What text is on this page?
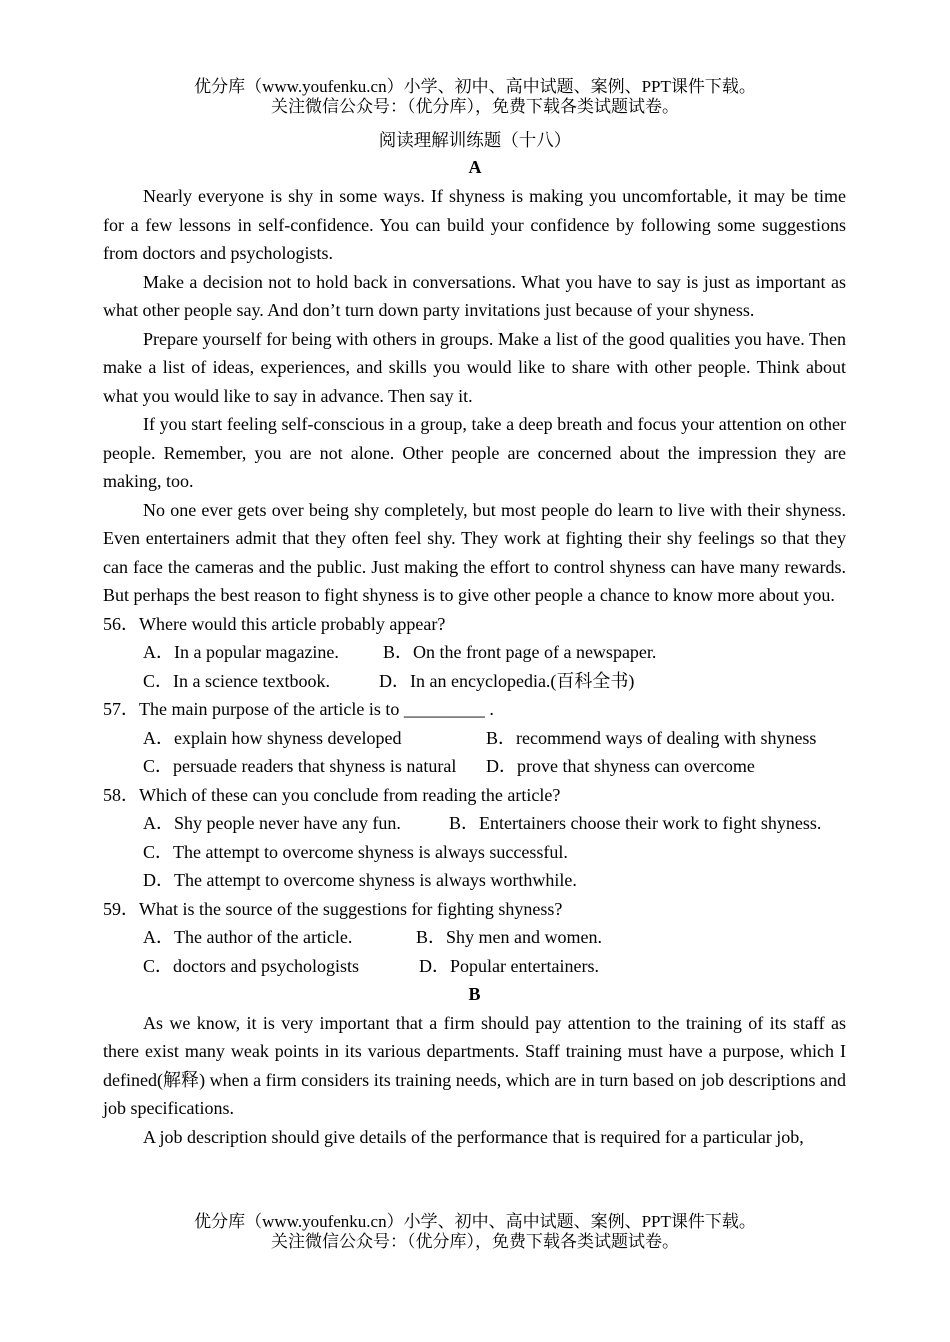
优分库（www.youfenku.cn）小学、初中、高中试题、案例、PPT课件下载。
关注微信公众号：（优分库），免费下载各类试题试卷。
阅读理解训练题（十八）
A

Nearly everyone is shy in some ways. If shyness is making you uncomfortable, it may be time for a few lessons in self-confidence. You can build your confidence by following some suggestions from doctors and psychologists.

Make a decision not to hold back in conversations. What you have to say is just as important as what other people say. And don’t turn down party invitations just because of your shyness.

Prepare yourself for being with others in groups. Make a list of the good qualities you have. Then make a list of ideas, experiences, and skills you would like to share with other people. Think about what you would like to say in advance. Then say it.

If you start feeling self-conscious in a group, take a deep breath and focus your attention on other people. Remember, you are not alone. Other people are concerned about the impression they are making, too.

No one ever gets over being shy completely, but most people do learn to live with their shyness. Even entertainers admit that they often feel shy. They work at fighting their shy feelings so that they can face the cameras and the public. Just making the effort to control shyness can have many rewards. But perhaps the best reason to fight shyness is to give other people a chance to know more about you.

56．Where would this article probably appear?
A．In a popular magazine. B．On the front page of a newspaper.
C．In a science textbook.	D．In an encyclopedia.(百科全书)
57．The main purpose of the article is to _________ .
A．explain how shyness developed	B．recommend ways of dealing with shyness
C．persuade readers that shyness is natural D．prove that shyness can overcome
58．Which of these can you conclude from reading the article?
A．Shy people never have any fun.	B．Entertainers choose their work to fight shyness.
C．The attempt to overcome shyness is always successful.
D．The attempt to overcome shyness is always worthwhile.
59．What is the source of the suggestions for fighting shyness?
A．The author of the article.	B．Shy men and women.
C．doctors and psychologists	D．Popular entertainers.
B

As we know, it is very important that a firm should pay attention to the training of its staff as there exist many weak points in its various departments. Staff training must have a purpose, which I defined(解释) when a firm considers its training needs, which are in turn based on job descriptions and job specifications.

A job description should give details of the performance that is required for a particular job,

优分库（www.youfenku.cn）小学、初中、高中试题、案例、PPT课件下载。
关注微信公众号：（优分库），免费下载各类试题试卷。
